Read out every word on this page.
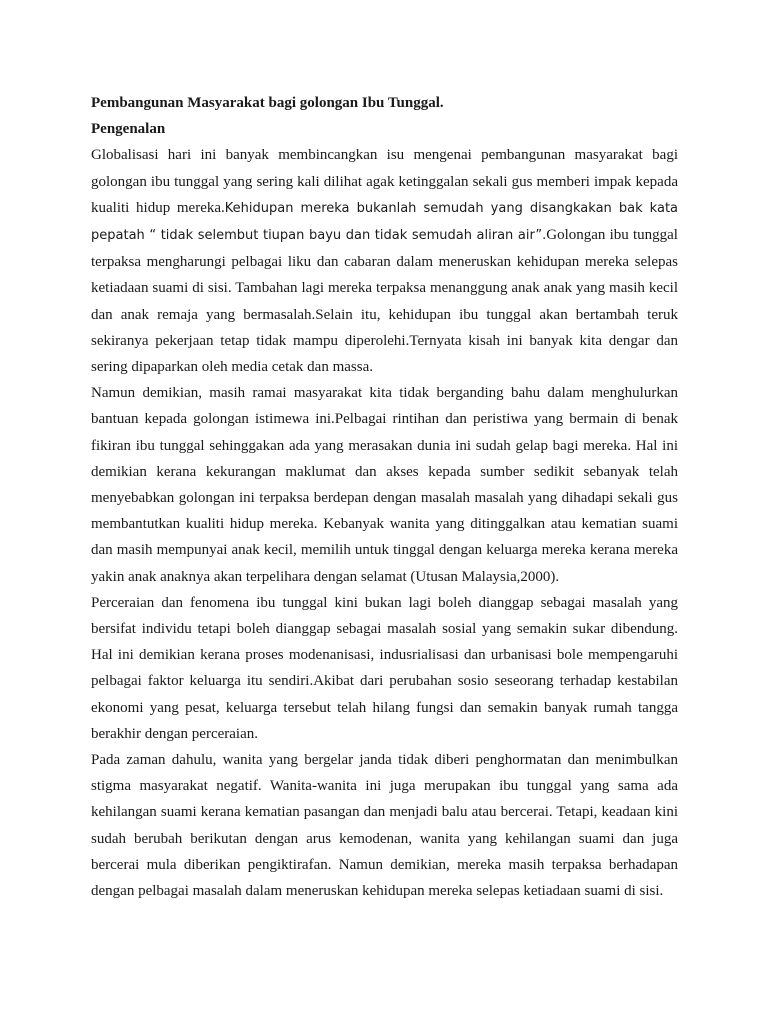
Pembangunan Masyarakat bagi golongan Ibu Tunggal.

Pengenalan

Globalisasi hari ini banyak membincangkan isu mengenai pembangunan masyarakat bagi golongan ibu tunggal yang sering kali dilihat agak ketinggalan sekali gus memberi impak kepada kualiti hidup mereka.Kehidupan mereka bukanlah semudah yang disangkakan bak kata pepatah “ tidak selembut tiupan bayu dan tidak semudah aliran air”.Golongan ibu tunggal terpaksa mengharungi pelbagai liku dan cabaran dalam meneruskan kehidupan mereka selepas ketiadaan suami di sisi. Tambahan lagi mereka terpaksa menanggung anak anak yang masih kecil dan anak remaja yang bermasalah.Selain itu, kehidupan ibu tunggal akan bertambah teruk sekiranya pekerjaan tetap tidak mampu diperolehi.Ternyata kisah ini banyak kita dengar dan sering dipaparkan oleh media cetak dan massa.

Namun demikian, masih ramai masyarakat kita tidak berganding bahu dalam menghulurkan bantuan kepada golongan istimewa ini.Pelbagai rintihan dan peristiwa yang bermain di benak fikiran ibu tunggal sehinggakan ada yang merasakan dunia ini sudah gelap bagi mereka. Hal ini demikian kerana kekurangan maklumat dan akses kepada sumber sedikit sebanyak telah menyebabkan golongan ini terpaksa berdepan dengan masalah masalah yang dihadapi sekali gus membantutkan kualiti hidup mereka. Kebanyak wanita yang ditinggalkan atau kematian suami dan masih mempunyai anak kecil, memilih untuk tinggal dengan keluarga mereka kerana mereka yakin anak anaknya akan terpelihara dengan selamat (Utusan Malaysia,2000).

Perceraian dan fenomena ibu tunggal kini bukan lagi boleh dianggap sebagai masalah yang bersifat individu tetapi boleh dianggap sebagai masalah sosial yang semakin sukar dibendung. Hal ini demikian kerana proses modenanisasi, indusrialisasi dan urbanisasi bole mempengaruhi pelbagai faktor keluarga itu sendiri.Akibat dari perubahan sosio seseorang terhadap kestabilan ekonomi yang pesat, keluarga tersebut telah hilang fungsi dan semakin banyak rumah tangga berakhir dengan perceraian.

Pada zaman dahulu, wanita yang bergelar janda tidak diberi penghormatan dan menimbulkan stigma masyarakat negatif. Wanita-wanita ini juga merupakan ibu tunggal yang sama ada kehilangan suami kerana kematian pasangan dan menjadi balu atau bercerai. Tetapi, keadaan kini sudah berubah berikutan dengan arus kemodenan, wanita yang kehilangan suami dan juga bercerai mula diberikan pengiktirafan. Namun demikian, mereka masih terpaksa berhadapan dengan pelbagai masalah dalam meneruskan kehidupan mereka selepas ketiadaan suami di sisi.
